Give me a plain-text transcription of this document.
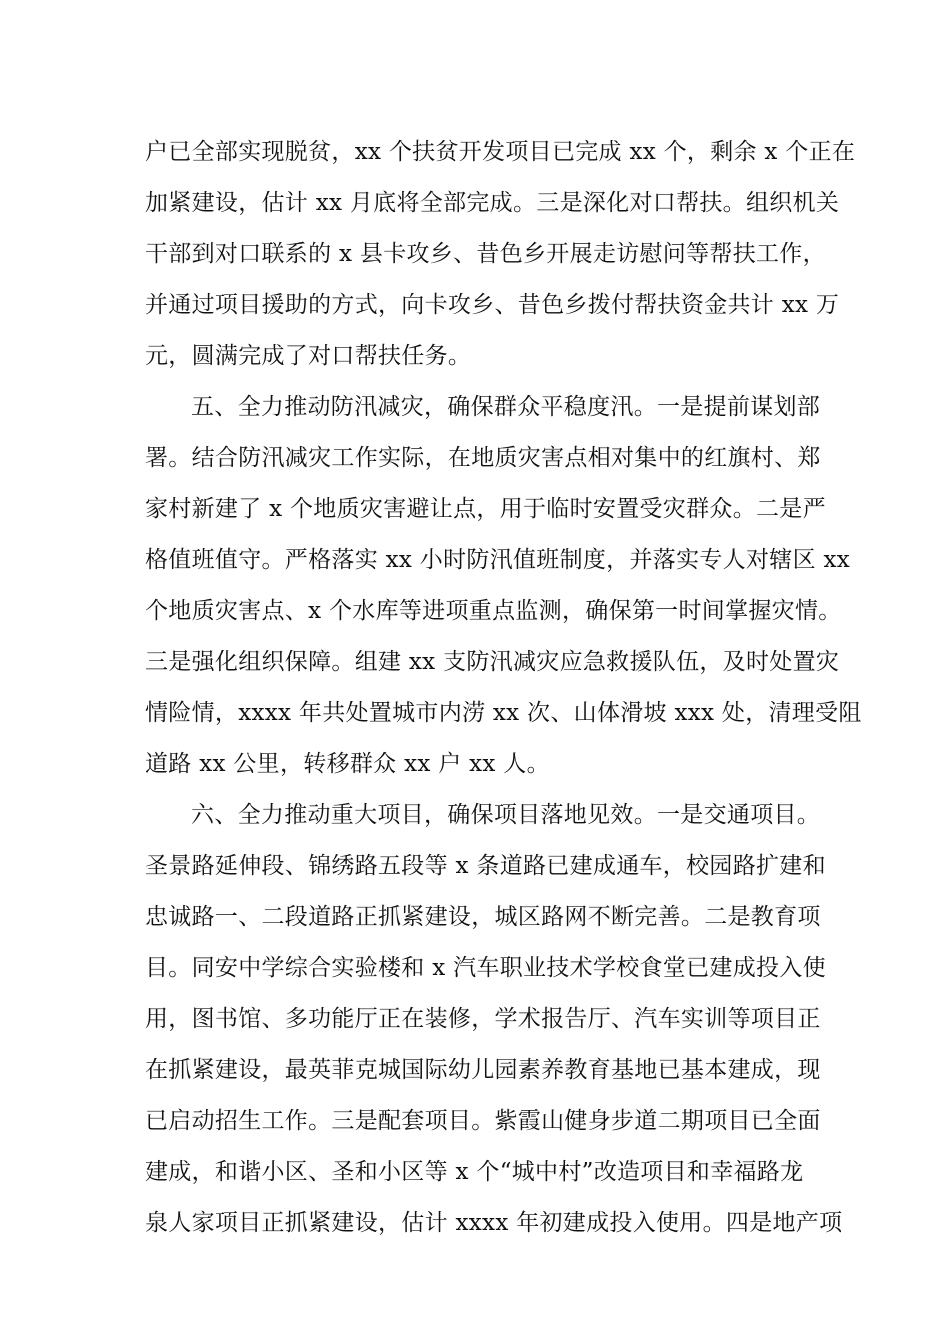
户已全部实现脱贫，xx 个扶贫开发项目已完成 xx 个，剩余 x 个正在
加紧建设，估计 xx 月底将全部完成。三是深化对口帮扶。组织机关
干部到对口联系的 x 县卡攻乡、昔色乡开展走访慰问等帮扶工作，
并通过项目援助的方式，向卡攻乡、昔色乡拨付帮扶资金共计 xx 万
元，圆满完成了对口帮扶任务。
五、全力推动防汛减灾，确保群众平稳度汛。一是提前谋划部
署。结合防汛减灾工作实际，在地质灾害点相对集中的红旗村、郑
家村新建了 x 个地质灾害避让点，用于临时安置受灾群众。二是严
格值班值守。严格落实 xx 小时防汛值班制度，并落实专人对辖区 xx
个地质灾害点、x 个水库等进项重点监测，确保第一时间掌握灾情。
三是强化组织保障。组建 xx 支防汛减灾应急救援队伍，及时处置灾
情险情，xxxx 年共处置城市内涝 xx 次、山体滑坡 xxx 处，清理受阻
道路 xx 公里，转移群众 xx 户 xx 人。
六、全力推动重大项目，确保项目落地见效。一是交通项目。
圣景路延伸段、锦绣路五段等 x 条道路已建成通车，校园路扩建和
忠诚路一、二段道路正抓紧建设，城区路网不断完善。二是教育项
目。同安中学综合实验楼和 x 汽车职业技术学校食堂已建成投入使
用，图书馆、多功能厅正在装修，学术报告厅、汽车实训等项目正
在抓紧建设，最英菲克城国际幼儿园素养教育基地已基本建成，现
已启动招生工作。三是配套项目。紫霞山健身步道二期项目已全面
建成，和谐小区、圣和小区等 x 个“城中村”改造项目和幸福路龙
泉人家项目正抓紧建设，估计 xxxx 年初建成投入使用。四是地产项
